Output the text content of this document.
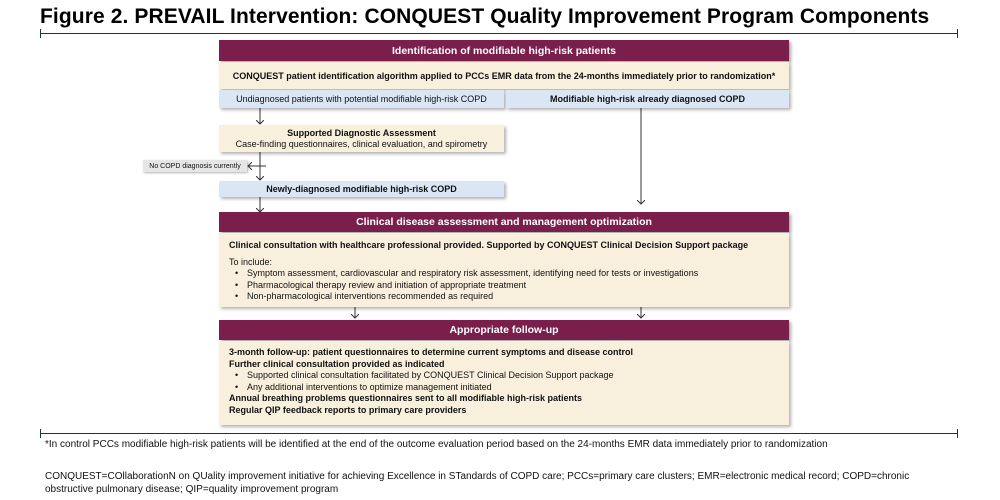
Figure 2. PREVAIL Intervention: CONQUEST Quality Improvement Program Components
Identification of modifiable high-risk patients
CONQUEST patient identification algorithm applied to PCCs EMR data from the 24-months immediately prior to randomization*
Undiagnosed patients with potential modifiable high-risk COPD	Modifiable high-risk already diagnosed COPD
Supported Diagnostic Assessment
Case-finding questionnaires, clinical evaluation, and spirometry
No COPD diagnosis currently
Newly-diagnosed modifiable high-risk COPD
Clinical disease assessment and management optimization
Clinical consultation with healthcare professional provided. Supported by CONQUEST Clinical Decision Support package
To include:
• Symptom assessment, cardiovascular and respiratory risk assessment, identifying need for tests or investigations
• Pharmacological therapy review and initiation of appropriate treatment
• Non-pharmacological interventions recommended as required
Appropriate follow-up
3-month follow-up: patient questionnaires to determine current symptoms and disease control
Further clinical consultation provided as indicated
• Supported clinical consultation facilitated by CONQUEST Clinical Decision Support package
• Any additional interventions to optimize management initiated
Annual breathing problems questionnaires sent to all modifiable high-risk patients
Regular QIP feedback reports to primary care providers
*In control PCCs modifiable high-risk patients will be identified at the end of the outcome evaluation period based on the 24-months EMR data immediately prior to randomization
CONQUEST=COllaborationN on QUality improvement initiative for achieving Excellence in STandards of COPD care; PCCs=primary care clusters; EMR=electronic medical record; COPD=chronic obstructive pulmonary disease; QIP=quality improvement program
